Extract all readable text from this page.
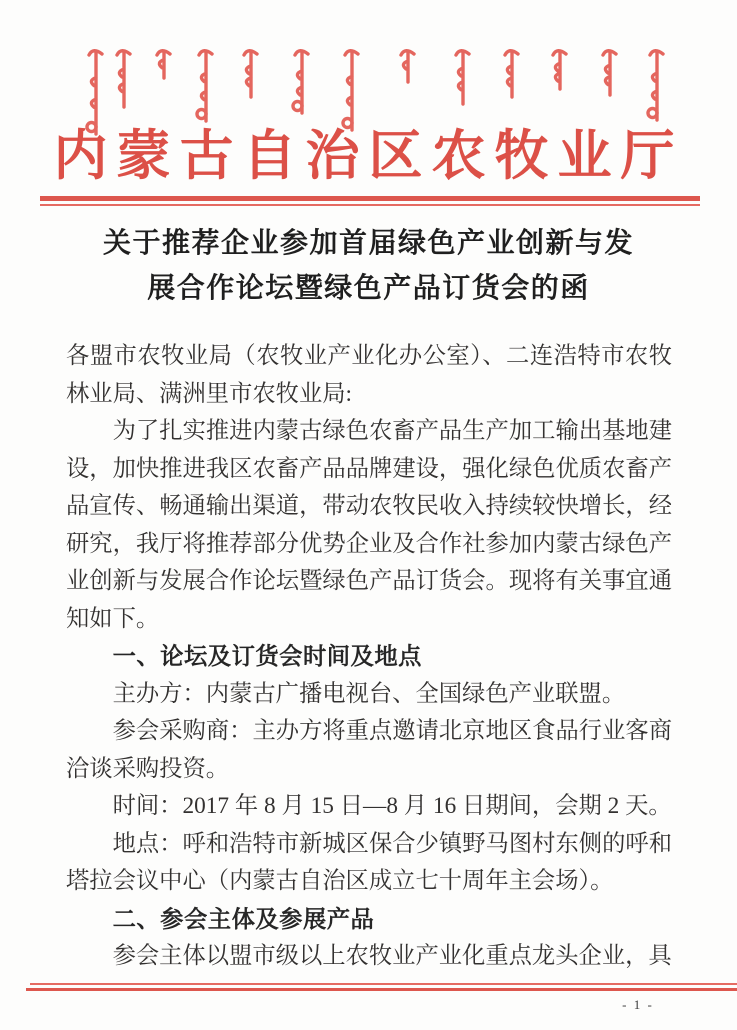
内蒙古自治区农牧业厅
关于推荐企业参加首届绿色产业创新与发
展合作论坛暨绿色产品订货会的函

各盟市农牧业局（农牧业产业化办公室）、二连浩特市农牧林业局、满洲里市农牧业局:

为了扎实推进内蒙古绿色农畜产品生产加工输出基地建设，加快推进我区农畜产品品牌建设，强化绿色优质农畜产品宣传、畅通输出渠道，带动农牧民收入持续较快增长，经研究，我厅将推荐部分优势企业及合作社参加内蒙古绿色产业创新与发展合作论坛暨绿色产品订货会。现将有关事宜通知如下。

一、论坛及订货会时间及地点

主办方：内蒙古广播电视台、全国绿色产业联盟。

参会采购商：主办方将重点邀请北京地区食品行业客商洽谈采购投资。

时间：2017 年 8 月 15 日—8 月 16 日期间，会期 2 天。

地点：呼和浩特市新城区保合少镇野马图村东侧的呼和塔拉会议中心（内蒙古自治区成立七十周年主会场）。

二、参会主体及参展产品

参会主体以盟市级以上农牧业产业化重点龙头企业，具

- 1 -
